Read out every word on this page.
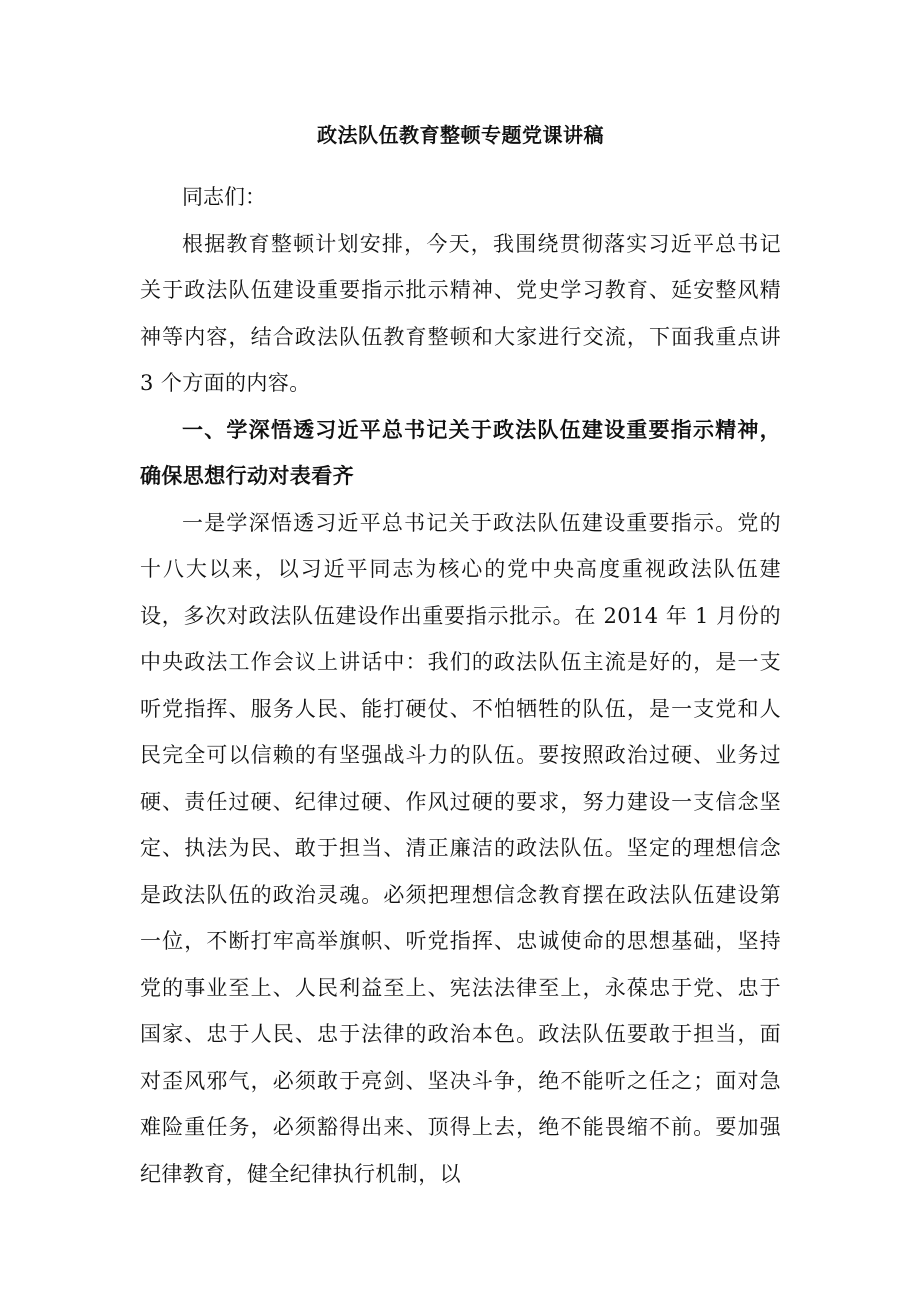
政法队伍教育整顿专题党课讲稿

同志们：

根据教育整顿计划安排，今天，我围绕贯彻落实习近平总书记关于政法队伍建设重要指示批示精神、党史学习教育、延安整风精神等内容，结合政法队伍教育整顿和大家进行交流，下面我重点讲 3 个方面的内容。

一、学深悟透习近平总书记关于政法队伍建设重要指示精神，确保思想行动对表看齐

一是学深悟透习近平总书记关于政法队伍建设重要指示。党的十八大以来，以习近平同志为核心的党中央高度重视政法队伍建设，多次对政法队伍建设作出重要指示批示。在 2014 年 1 月份的中央政法工作会议上讲话中：我们的政法队伍主流是好的，是一支听党指挥、服务人民、能打硬仗、不怕牺牲的队伍，是一支党和人民完全可以信赖的有坚强战斗力的队伍。要按照政治过硬、业务过硬、责任过硬、纪律过硬、作风过硬的要求，努力建设一支信念坚定、执法为民、敢于担当、清正廉洁的政法队伍。坚定的理想信念是政法队伍的政治灵魂。必须把理想信念教育摆在政法队伍建设第一位，不断打牢高举旗帜、听党指挥、忠诚使命的思想基础，坚持党的事业至上、人民利益至上、宪法法律至上，永葆忠于党、忠于国家、忠于人民、忠于法律的政治本色。政法队伍要敢于担当，面对歪风邪气，必须敢于亮剑、坚决斗争，绝不能听之任之；面对急难险重任务，必须豁得出来、顶得上去，绝不能畏缩不前。要加强纪律教育，健全纪律执行机制，以
